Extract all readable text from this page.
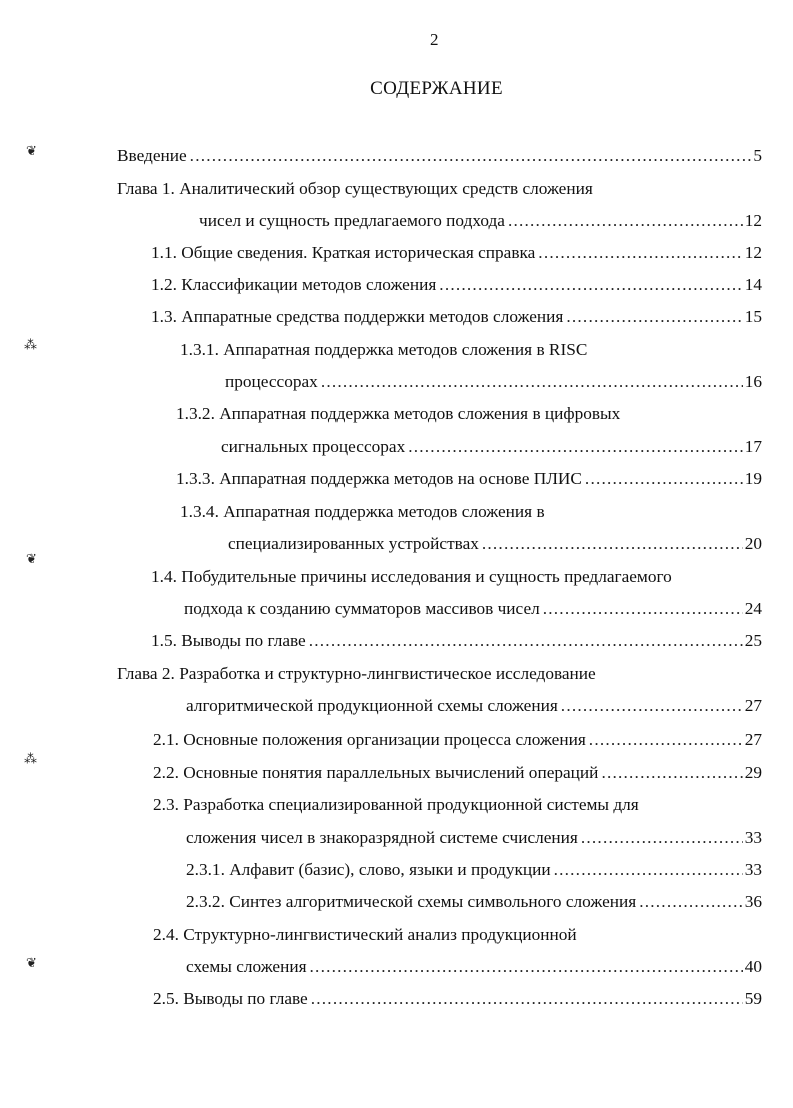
2
СОДЕРЖАНИЕ
❦
⁂
❦
⁂
❦
Введение .....	5
Глава 1. Аналитический обзор существующих средств сложения
чисел и сущность предлагаемого подхода .....	12
1.1. Общие сведения. Краткая историческая справка .....	12
1.2. Классификации методов сложения .....	14
1.3. Аппаратные средства поддержки методов сложения .....	15
1.3.1. Аппаратная поддержка методов сложения в RISC
процессорах .....	16
1.3.2. Аппаратная поддержка методов сложения в цифровых
сигнальных процессорах .....	17
1.3.3. Аппаратная поддержка методов на основе ПЛИС .....	19
1.3.4. Аппаратная поддержка методов сложения в
специализированных устройствах .....	20
1.4. Побудительные причины исследования и сущность предлагаемого
подхода к созданию сумматоров массивов чисел .....	24
1.5. Выводы по главе .....	25
Глава 2. Разработка и структурно-лингвистическое исследование
алгоритмической продукционной схемы сложения .....	27
2.1. Основные положения организации процесса сложения .....	27
2.2. Основные понятия параллельных вычислений операций .....	29
2.3. Разработка специализированной продукционной системы для
сложения чисел в знакоразрядной системе счисления .....	33
2.3.1. Алфавит (базис), слово, языки и продукции .....	33
2.3.2. Синтез алгоритмической схемы символьного сложения .....	36
2.4. Структурно-лингвистический анализ продукционной
схемы сложения .....	40
2.5. Выводы по главе .....	59
